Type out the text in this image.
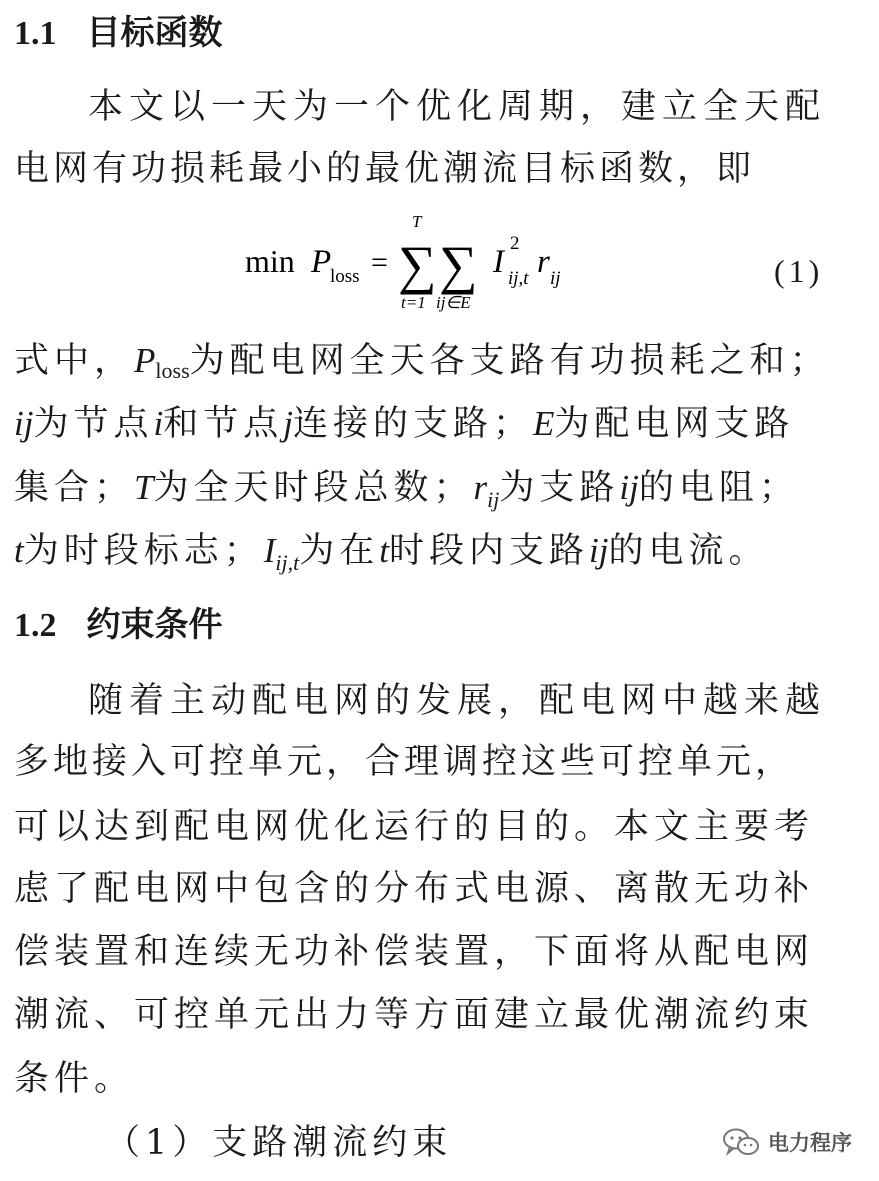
1.1 目标函数
本文以一天为一个优化周期，建立全天配
电网有功损耗最小的最优潮流目标函数，即
min P
loss =
T
∑
t=1
∑
ij∈E
I
2
ij,t r ij	(1)
式中，$P_{loss}$为配电网全天各支路有功损耗之和；
ij为节点i和节点j连接的支路；E为配电网支路
集合；T为全天时段总数；$r_{ij}$为支路ij的电阻；
t为时段标志；$I_{ij,t}$为在t时段内支路ij的电流。
1.2 约束条件
随着主动配电网的发展，配电网中越来越
多地接入可控单元，合理调控这些可控单元，
可以达到配电网优化运行的目的。本文主要考
虑了配电网中包含的分布式电源、离散无功补
偿装置和连续无功补偿装置，下面将从配电网
潮流、可控单元出力等方面建立最优潮流约束
条件。
（1）支路潮流约束	电力程序
